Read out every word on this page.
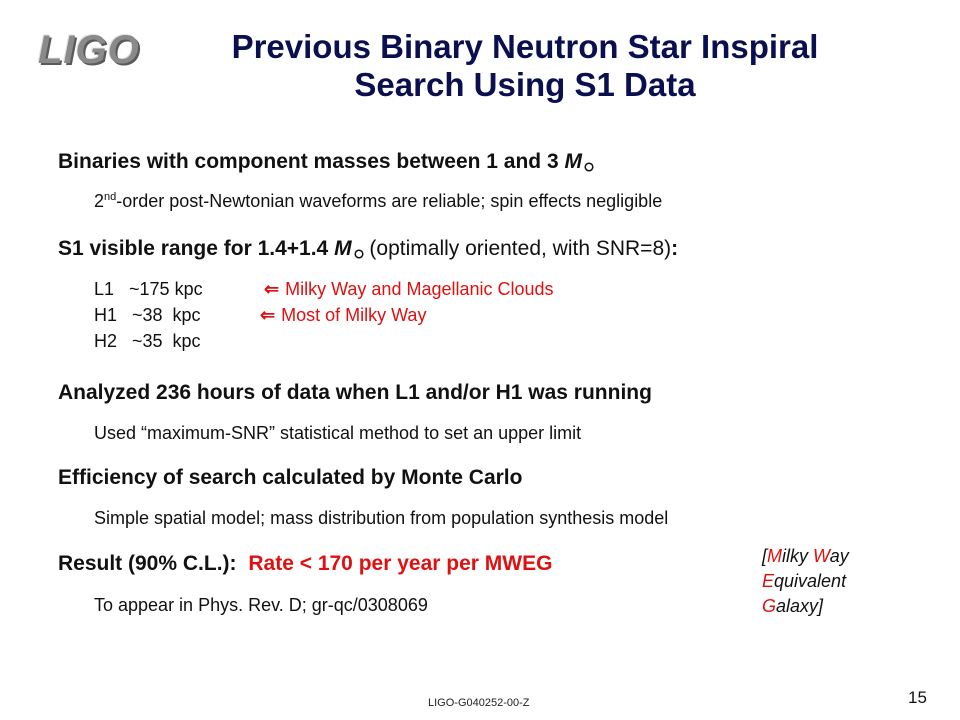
LIGO	Previous Binary Neutron Star Inspiral
Search Using S1 Data
Binaries with component masses between 1 and 3 M
2nd-order post-Newtonian waveforms are reliable; spin effects negligible
S1 visible range for 1.4+1.4 M (optimally oriented, with SNR=8):
L1   ~175 kpc	⇐ Milky Way and Magellanic Clouds
H1   ~38  kpc	⇐ Most of Milky Way
H2   ~35  kpc
Analyzed 236 hours of data when L1 and/or H1 was running
Used “maximum-SNR” statistical method to set an upper limit
Efficiency of search calculated by Monte Carlo
Simple spatial model; mass distribution from population synthesis model
Result (90% C.L.): Rate < 170 per year per MWEG
To appear in Phys. Rev. D; gr-qc/0308069
[Milky Way
Equivalent
Galaxy]
LIGO-G040252-00-Z	15
